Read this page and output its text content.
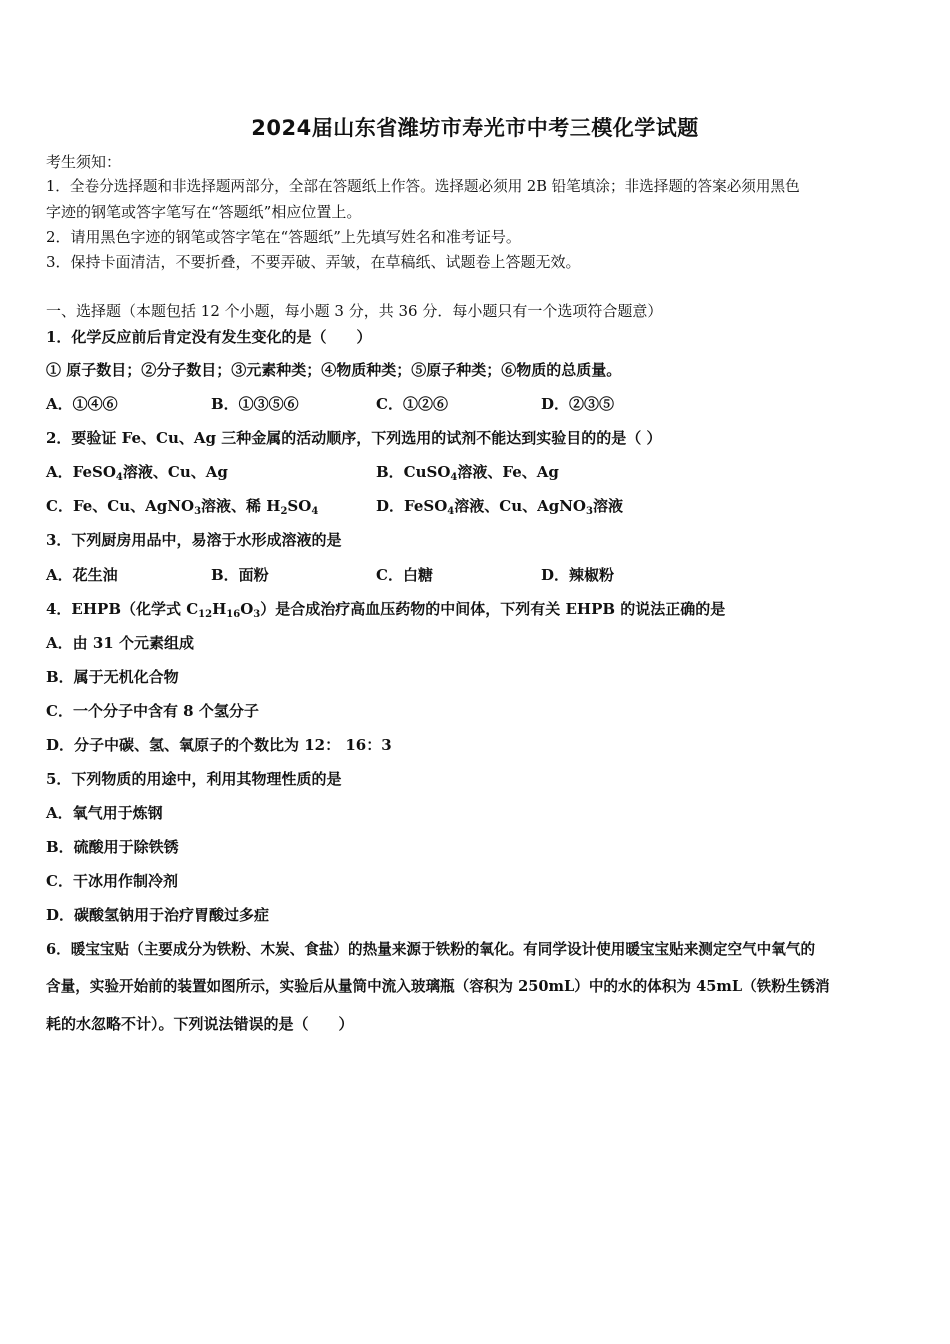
2024届山东省潍坊市寿光市中考三模化学试题
考生须知：
1．全卷分选择题和非选择题两部分，全部在答题纸上作答。选择题必须用 2B 铅笔填涂；非选择题的答案必须用黑色
字迹的钢笔或答字笔写在“答题纸”相应位置上。
2．请用黑色字迹的钢笔或答字笔在“答题纸”上先填写姓名和准考证号。
3．保持卡面清洁，不要折叠，不要弄破、弄皱，在草稿纸、试题卷上答题无效。
一、选择题（本题包括 12 个小题，每小题 3 分，共 36 分．每小题只有一个选项符合题意）
1．化学反应前后肯定没有发生变化的是（　　）
① 原子数目；②分子数目；③元素种类；④物质种类；⑤原子种类；⑥物质的总质量。
A．①④⑥	B．①③⑤⑥	C．①②⑥	D．②③⑤
2．要验证 Fe、Cu、Ag 三种金属的活动顺序，下列选用的试剂不能达到实验目的的是（ ）
A．FeSO$_4$溶液、Cu、Ag	B．CuSO$_4$溶液、Fe、Ag
C．Fe、Cu、AgNO$_3$溶液、稀 $H_2SO_4$	D．FeSO$_4$溶液、Cu、AgNO$_3$溶液
3．下列厨房用品中，易溶于水形成溶液的是
A．花生油	B．面粉	C．白糖	D．辣椒粉
4．EHPB（化学式 $C_{12}H_{16}O_3$）是合成治疗高血压药物的中间体，下列有关 EHPB 的说法正确的是
A．由 31 个元素组成
B．属于无机化合物
C．一个分子中含有 8 个氢分子
D．分子中碳、氢、氧原子的个数比为 12： 16：3
5．下列物质的用途中，利用其物理性质的是
A．氧气用于炼钢
B．硫酸用于除铁锈
C．干冰用作制冷剂
D．碳酸氢钠用于治疗胃酸过多症
6．暖宝宝贴（主要成分为铁粉、木炭、食盐）的热量来源于铁粉的氧化。有同学设计使用暖宝宝贴来测定空气中氧气的
含量，实验开始前的装置如图所示，实验后从量筒中流入玻璃瓶（容积为 250mL）中的水的体积为 45mL（铁粉生锈消
耗的水忽略不计）。下列说法错误的是（　　）
